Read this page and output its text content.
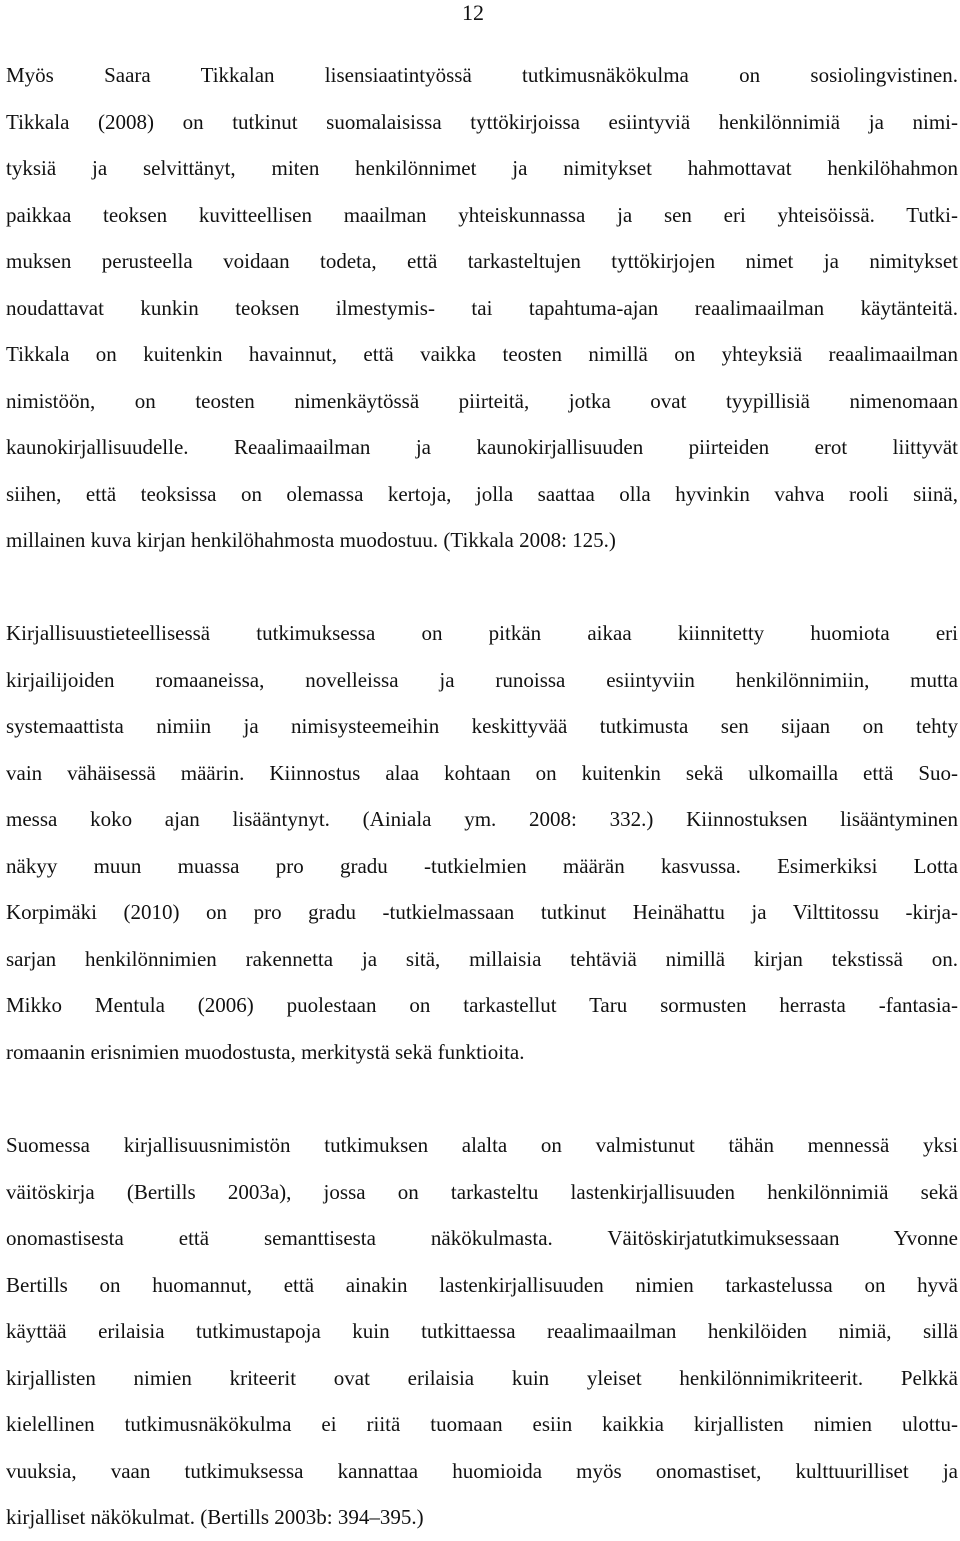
12
Myös Saara Tikkalan lisensiaatintyössä tutkimusnäkökulma on sosiolingvistinen.
Tikkala (2008) on tutkinut suomalaisissa tyttökirjoissa esiintyviä henkilönnimiä ja nimi-
tyksiä ja selvittänyt, miten henkilönnimet ja nimitykset hahmottavat henkilöhahmon
paikkaa teoksen kuvitteellisen maailman yhteiskunnassa ja sen eri yhteisöissä. Tutki-
muksen perusteella voidaan todeta, että tarkasteltujen tyttökirjojen nimet ja nimitykset
noudattavat kunkin teoksen ilmestymis- tai tapahtuma-ajan reaalimaailman käytänteitä.
Tikkala on kuitenkin havainnut, että vaikka teosten nimillä on yhteyksiä reaalimaailman
nimistöön, on teosten nimenkäytössä piirteitä, jotka ovat tyypillisiä nimenomaan
kaunokirjallisuudelle. Reaalimaailman ja kaunokirjallisuuden piirteiden erot liittyvät
siihen, että teoksissa on olemassa kertoja, jolla saattaa olla hyvinkin vahva rooli siinä,
millainen kuva kirjan henkilöhahmosta muodostuu. (Tikkala 2008: 125.)
Kirjallisuustieteellisessä tutkimuksessa on pitkän aikaa kiinnitetty huomiota eri
kirjailijoiden romaaneissa, novelleissa ja runoissa esiintyviin henkilönnimiin, mutta
systemaattista nimiin ja nimisysteemeihin keskittyvää tutkimusta sen sijaan on tehty
vain vähäisessä määrin. Kiinnostus alaa kohtaan on kuitenkin sekä ulkomailla että Suo-
messa koko ajan lisääntynyt. (Ainiala ym. 2008: 332.) Kiinnostuksen lisääntyminen
näkyy muun muassa pro gradu -tutkielmien määrän kasvussa. Esimerkiksi Lotta
Korpimäki (2010) on pro gradu -tutkielmassaan tutkinut Heinähattu ja Vilttitossu -kirja-
sarjan henkilönnimien rakennetta ja sitä, millaisia tehtäviä nimillä kirjan tekstissä on.
Mikko Mentula (2006) puolestaan on tarkastellut Taru sormusten herrasta -fantasia-
romaanin erisnimien muodostusta, merkitystä sekä funktioita.
Suomessa kirjallisuusnimistön tutkimuksen alalta on valmistunut tähän mennessä yksi
väitöskirja (Bertills 2003a), jossa on tarkasteltu lastenkirjallisuuden henkilönnimiä sekä
onomastisesta että semanttisesta näkökulmasta. Väitöskirjatutkimuksessaan Yvonne
Bertills on huomannut, että ainakin lastenkirjallisuuden nimien tarkastelussa on hyvä
käyttää erilaisia tutkimustapoja kuin tutkittaessa reaalimaailman henkilöiden nimiä, sillä
kirjallisten nimien kriteerit ovat erilaisia kuin yleiset henkilönnimikriteerit. Pelkkä
kielellinen tutkimusnäkökulma ei riitä tuomaan esiin kaikkia kirjallisten nimien ulottu-
vuuksia, vaan tutkimuksessa kannattaa huomioida myös onomastiset, kulttuurilliset ja
kirjalliset näkökulmat. (Bertills 2003b: 394–395.)
